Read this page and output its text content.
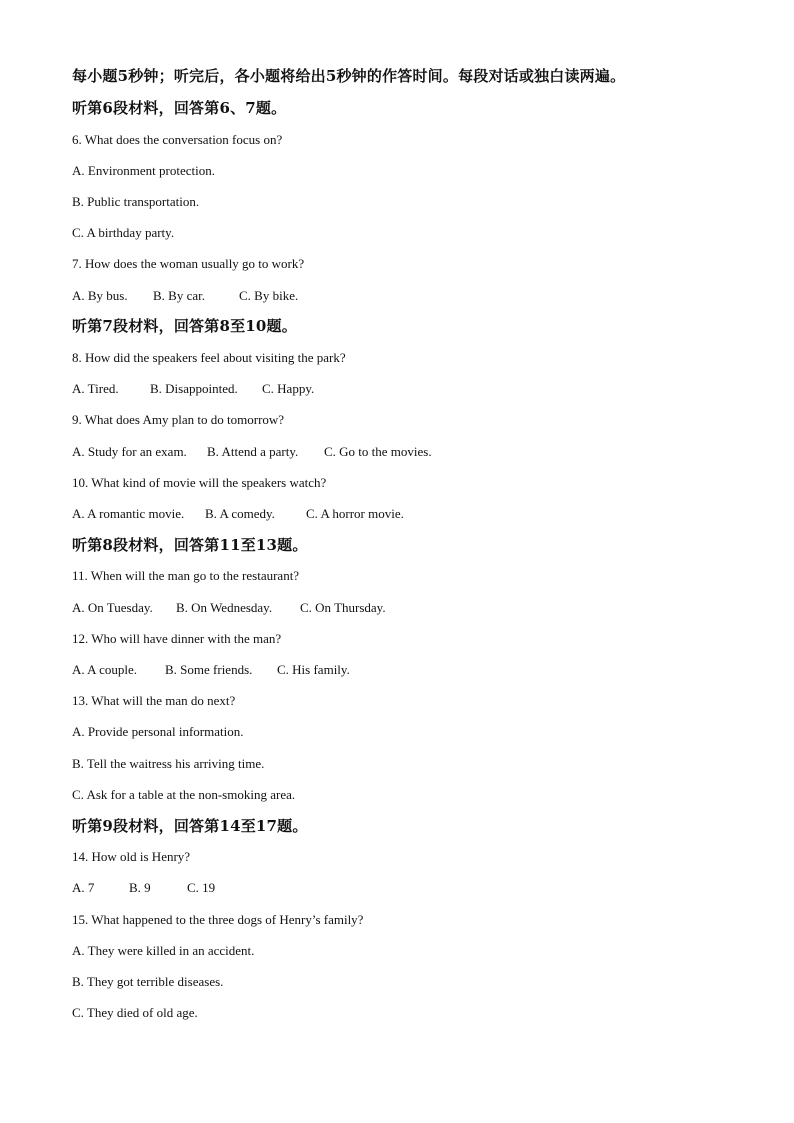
每小题5秒钟；听完后，各小题将给出5秒钟的作答时间。每段对话或独白读两遍。
听第6段材料，回答第6、7题。
6. What does the conversation focus on?
A. Environment protection.
B. Public transportation.
C. A birthday party.
7. How does the woman usually go to work?
A. By bus. B. By car.	C. By bike.
听第7段材料，回答第8至10题。
8. How did the speakers feel about visiting the park?
A. Tired. B. Disappointed. C. Happy.
9. What does Amy plan to do tomorrow?
A. Study for an exam. B. Attend a party. C. Go to the movies.
10. What kind of movie will the speakers watch?
A. A romantic movie. B. A comedy. C. A horror movie.
听第8段材料，回答第11至13题。
11. When will the man go to the restaurant?
A. On Tuesday. B. On Wednesday. C. On Thursday.
12. Who will have dinner with the man?
A. A couple. B. Some friends. C. His family.
13. What will the man do next?
A. Provide personal information.
B. Tell the waitress his arriving time.
C. Ask for a table at the non-smoking area.
听第9段材料，回答第14至17题。
14. How old is Henry?
A. 7	B. 9	C. 19
15. What happened to the three dogs of Henry’s family?
A. They were killed in an accident.
B. They got terrible diseases.
C. They died of old age.
